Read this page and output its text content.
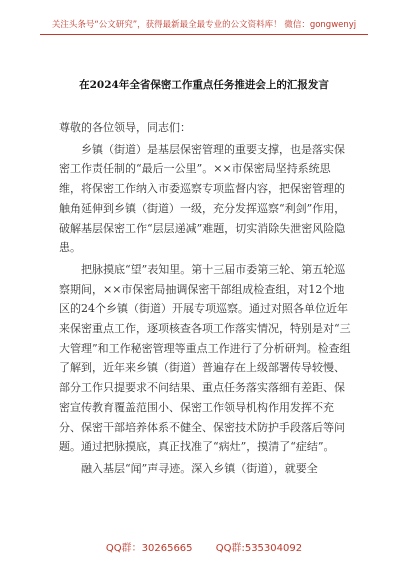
关注头条号“公文研究”，获得最新最全最专业的公文资料库！ 微信：gongwenyj
在2024年全省保密工作重点任务推进会上的汇报发言

尊敬的各位领导，同志们：

乡镇（街道）是基层保密管理的重要支撑，也是落实保密工作责任制的“最后一公里”。××市保密局坚持系统思维，将保密工作纳入市委巡察专项监督内容，把保密管理的触角延伸到乡镇（街道）一级，充分发挥巡察“利剑”作用，破解基层保密工作“层层递减”难题，切实消除失泄密风险隐患。

把脉摸底“望”表知里。第十三届市委第三轮、第五轮巡察期间，××市保密局抽调保密干部组成检查组，对12个地区的24个乡镇（街道）开展专项巡察。通过对照各单位近年来保密重点工作，逐项核查各项工作落实情况，特别是对“三大管理”和工作秘密管理等重点工作进行了分析研判。检查组了解到，近年来乡镇（街道）普遍存在上级部署传导较慢、部分工作只提要求不问结果、重点任务落实落细有差距、保密宣传教育覆盖范围小、保密工作领导机构作用发挥不充分、保密干部培养体系不健全、保密技术防护手段落后等问题。通过把脉摸底，真正找准了“病灶”，摸清了“症结”。

融入基层“闻”声寻迹。深入乡镇（街道），就要全

QQ群：30265665 QQ群:535304092
